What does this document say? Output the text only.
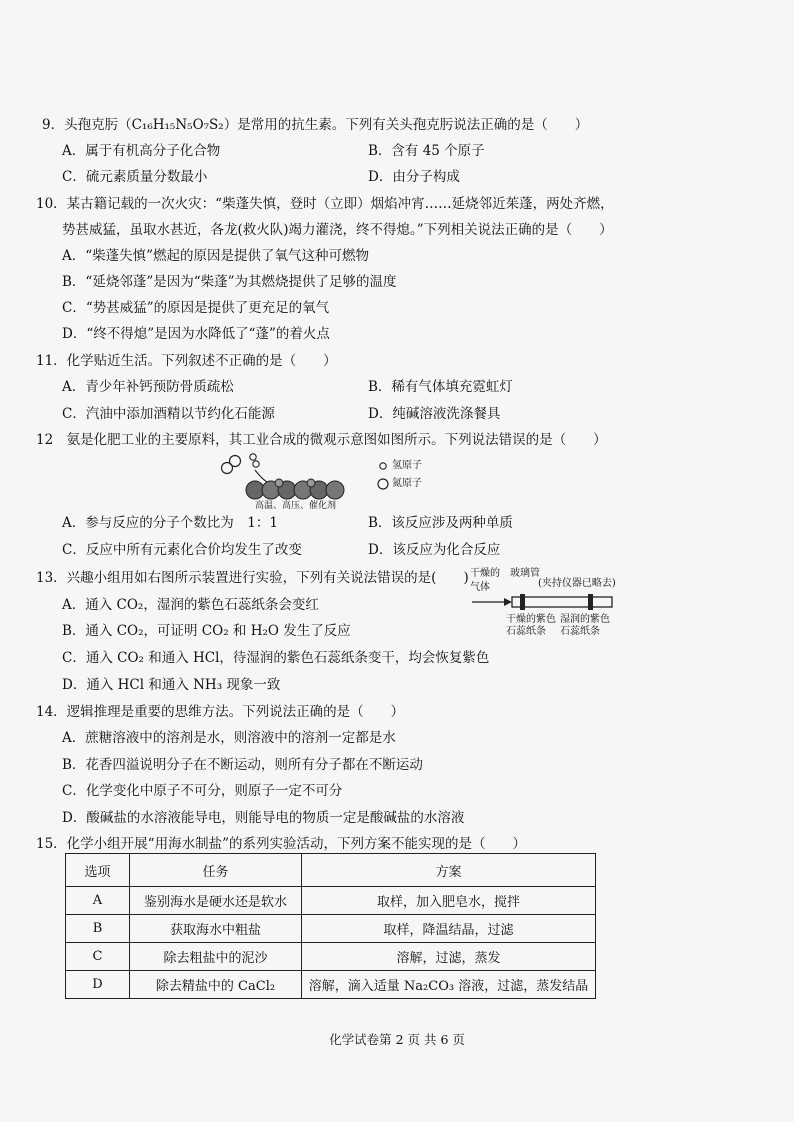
9．头孢克肟（C₁₆H₁₅N₅O₇S₂）是常用的抗生素。下列有关头孢克肟说法正确的是（　　）
A．属于有机高分子化合物	B．含有 45 个原子
C．硫元素质量分数最小	D．由分子构成
10．某古籍记载的一次火灾：“柴蓬失慎，登时（立即）烟焰冲宵……延烧邻近茱蓬，两处齐燃，
势甚威猛，虽取水甚近，各龙(救火队)竭力灌浇，终不得熄。”下列相关说法正确的是（　　）
A．“柴蓬失慎”燃起的原因是提供了氧气这种可燃物
B．“延烧邻蓬”是因为“柴蓬”为其燃烧提供了足够的温度
C．“势甚威猛”的原因是提供了更充足的氧气
D．“终不得熄”是因为水降低了“蓬”的着火点
11．化学贴近生活。下列叙述不正确的是（　　）
A．青少年补钙预防骨质疏松	B．稀有气体填充霓虹灯
C．汽油中添加酒精以节约化石能源	D．纯碱溶液洗涤餐具
12　氨是化肥工业的主要原料，其工业合成的微观示意图如图所示。下列说法错误的是（　　）
氢原子
氮原子
高温、高压、催化剂
A．参与反应的分子个数比为　1：1	B．该反应涉及两种单质
C．反应中所有元素化合价均发生了改变	D．该反应为化合反应
13．兴趣小组用如右图所示装置进行实验，下列有关说法错误的是(　　)
A．通入 CO₂，湿润的紫色石蕊纸条会变红
B．通入 CO₂，可证明 CO₂ 和 H₂O 发生了反应
C．通入 CO₂ 和通入 HCl，待湿润的紫色石蕊纸条变干，均会恢复紫色
D．通入 HCl 和通入 NH₃ 现象一致
干燥的
气体
玻璃管
(夹持仪器已略去)
干燥的紫色
石蕊纸条
湿润的紫色
石蕊纸条
14．逻辑推理是重要的思维方法。下列说法正确的是（　　）
A．蔗糖溶液中的溶剂是水，则溶液中的溶剂一定都是水
B．花香四溢说明分子在不断运动，则所有分子都在不断运动
C．化学变化中原子不可分，则原子一定不可分
D．酸碱盐的水溶液能导电，则能导电的物质一定是酸碱盐的水溶液
15．化学小组开展“用海水制盐”的系列实验活动，下列方案不能实现的是（　　）
选项	任务	方案
A	鉴别海水是硬水还是软水	取样，加入肥皂水，搅拌
B	获取海水中粗盐	取样，降温结晶，过滤
C	除去粗盐中的泥沙	溶解，过滤，蒸发
D	除去精盐中的 CaCl₂	溶解，滴入适量 Na₂CO₃ 溶液，过滤，蒸发结晶
化学试卷第 2 页 共 6 页
